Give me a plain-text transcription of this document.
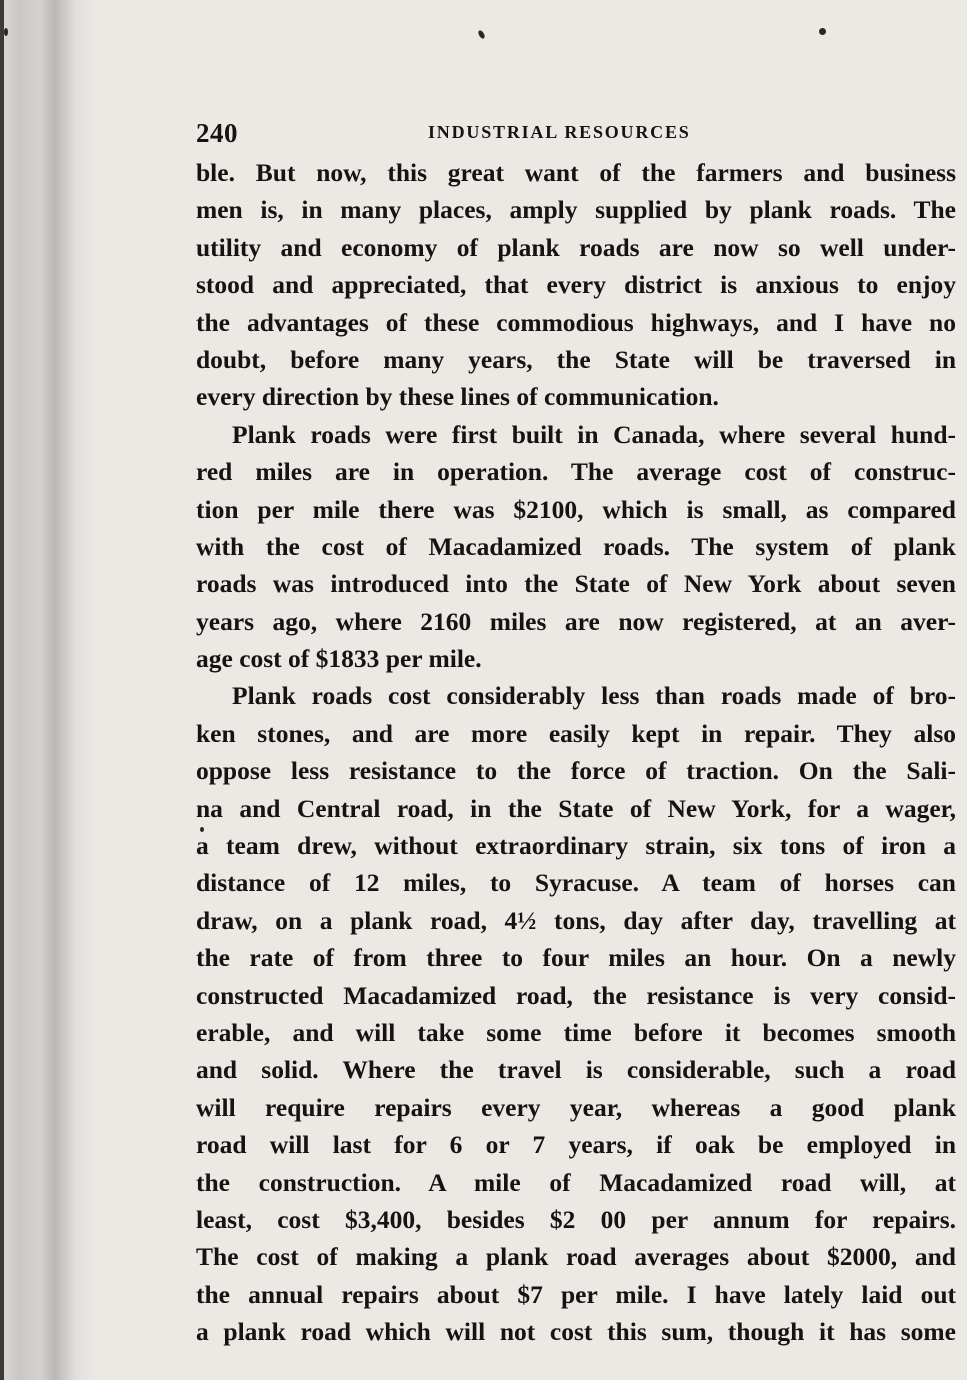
240	INDUSTRIAL RESOURCES
ble. But now, this great want of the farmers and business
men is, in many places, amply supplied by plank roads. The
utility and economy of plank roads are now so well under-
stood and appreciated, that every district is anxious to enjoy
the advantages of these commodious highways, and I have no
doubt, before many years, the State will be traversed in
every direction by these lines of communication.
Plank roads were first built in Canada, where several hund-
red miles are in operation. The average cost of construc-
tion per mile there was $2100, which is small, as compared
with the cost of Macadamized roads. The system of plank
roads was introduced into the State of New York about seven
years ago, where 2160 miles are now registered, at an aver-
age cost of $1833 per mile.
Plank roads cost considerably less than roads made of bro-
ken stones, and are more easily kept in repair. They also
oppose less resistance to the force of traction. On the Sali-
na and Central road, in the State of New York, for a wager,
a team drew, without extraordinary strain, six tons of iron a
distance of 12 miles, to Syracuse. A team of horses can
draw, on a plank road, 4½ tons, day after day, travelling at
the rate of from three to four miles an hour. On a newly
constructed Macadamized road, the resistance is very consid-
erable, and will take some time before it becomes smooth
and solid. Where the travel is considerable, such a road
will require repairs every year, whereas a good plank
road will last for 6 or 7 years, if oak be employed in
the construction. A mile of Macadamized road will, at
least, cost $3,400, besides $2 00 per annum for repairs.
The cost of making a plank road averages about $2000, and
the annual repairs about $7 per mile. I have lately laid out
a plank road which will not cost this sum, though it has some
